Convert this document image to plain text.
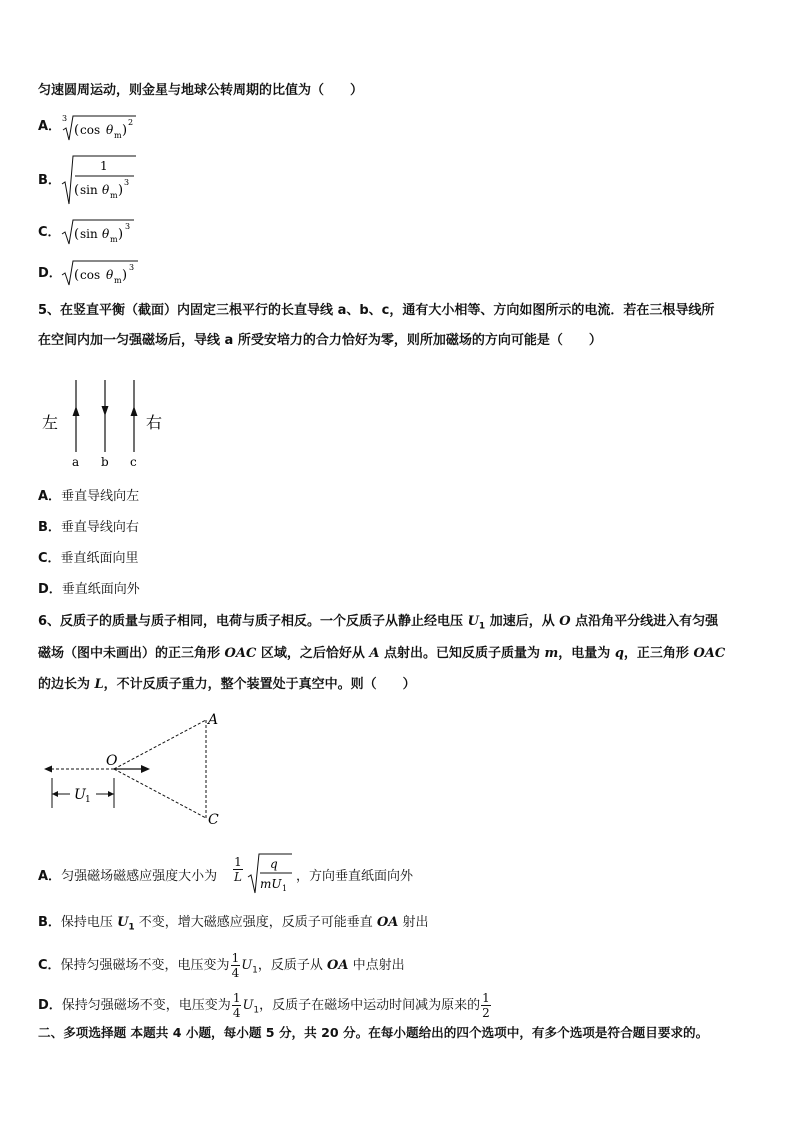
匀速圆周运动，则金星与地球公转周期的比值为（　　）
A．
3
( cos θ m )
2
B．
1
( sin θ m )
3
C． ( sin θ m )
3
D． ( cos θ m )
3
5、在竖直平衡（截面）内固定三根平行的长直导线 a、b、c，通有大小相等、方向如图所示的电流．若在三根导线所
在空间内加一匀强磁场后，导线 a 所受安培力的合力恰好为零，则所加磁场的方向可能是（　　）
左	右
a b c
A．垂直导线向左
B．垂直导线向右
C．垂直纸面向里
D．垂直纸面向外
6、反质子的质量与质子相同，电荷与质子相反。一个反质子从静止经电压 $U_1$ 加速后，从 O 点沿角平分线进入有匀强
磁场（图中未画出）的正三角形 OAC 区域，之后恰好从 A 点射出。已知反质子质量为 m，电量为 q，正三角形 OAC
的边长为 L，不计反质子重力，整个装置处于真空中。则（　　）
A
O
C
U 1
A．匀强磁场磁感应强度大小为 $\frac{1}{L}$ q
mU 1
，方向垂直纸面向外
B．保持电压 $U_1$ 不变，增大磁感应强度，反质子可能垂直 OA 射出
C．保持匀强磁场不变，电压变为 $\frac{1}{4} U_1$，反质子从 OA 中点射出
D．保持匀强磁场不变，电压变为 $\frac{1}{4} U_1$，反质子在磁场中运动时间减为原来的 $\frac{1}{2}$
二、多项选择题 本题共 4 小题，每小题 5 分，共 20 分。在每小题给出的四个选项中，有多个选项是符合题目要求的。
